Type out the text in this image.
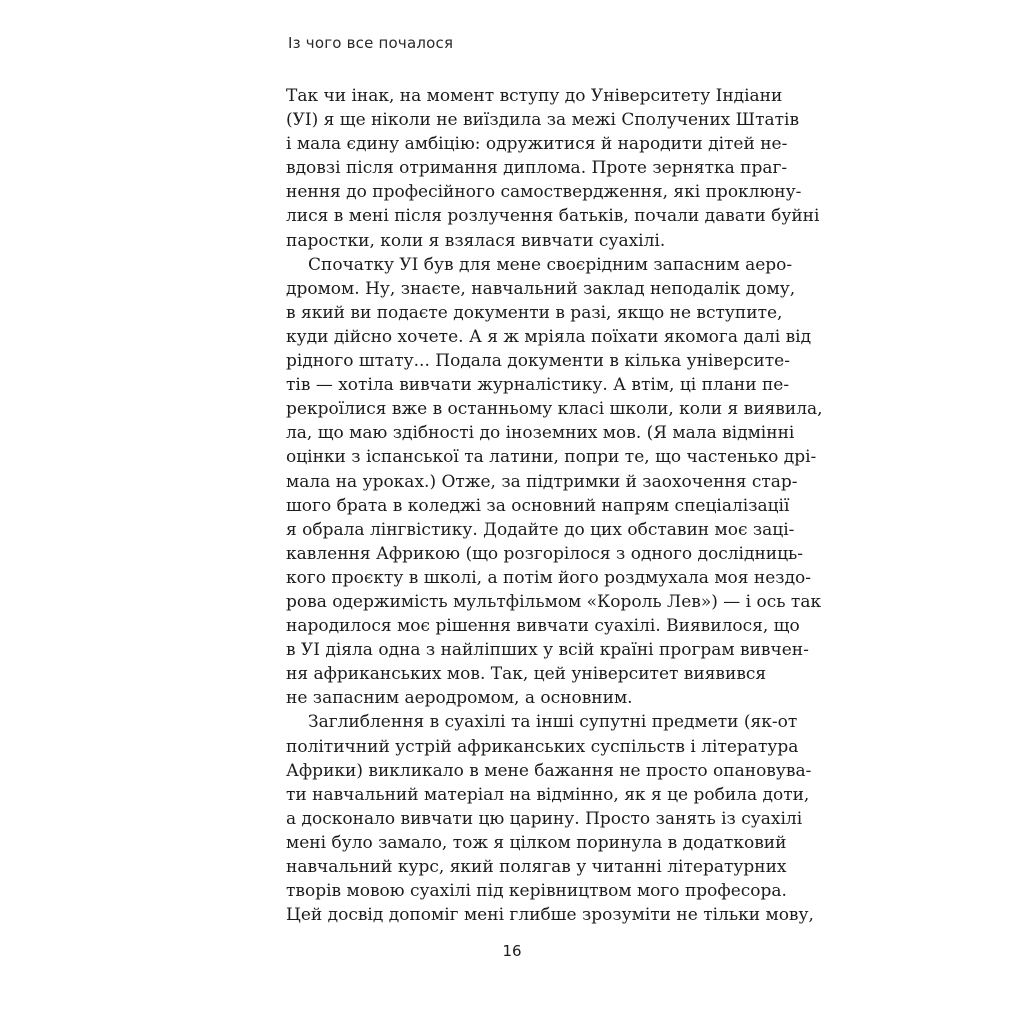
Із чого все почалося
Так чи інак, на момент вступу до Університету Індіани
(УІ) я ще ніколи не виїздила за межі Сполучених Штатів
і мала єдину амбіцію: одружитися й народити дітей не-
вдовзі після отримання диплома. Проте зернятка праг-
нення до професійного самоствердження, які проклюну-
лися в мені після розлучення батьків, почали давати буйні
паростки, коли я взялася вивчати суахілі.
Спочатку УІ був для мене своєрідним запасним аеро-
дромом. Ну, знаєте, навчальний заклад неподалік дому,
в який ви подаєте документи в разі, якщо не вступите,
куди дійсно хочете. А я ж мріяла поїхати якомога далі від
рідного штату... Подала документи в кілька університе-
тів — хотіла вивчати журналістику. А втім, ці плани пе-
рекроїлися вже в останньому класі школи, коли я виявила,
ла, що маю здібності до іноземних мов. (Я мала відмінні
оцінки з іспанської та латини, попри те, що частенько дрі-
мала на уроках.) Отже, за підтримки й заохочення стар-
шого брата в коледжі за основний напрям спеціалізації
я обрала лінгвістику. Додайте до цих обставин моє заці-
кавлення Африкою (що розгорілося з одного дослідниць-
кого проєкту в школі, а потім його роздмухала моя нездо-
рова одержимість мультфільмом «Король Лев») — і ось так
народилося моє рішення вивчати суахілі. Виявилося, що
в УІ діяла одна з найліпших у всій країні програм вивчен-
ня африканських мов. Так, цей університет виявився
не запасним аеродромом, а основним.
Заглиблення в суахілі та інші супутні предмети (як-от
політичний устрій африканських суспільств і література
Африки) викликало в мене бажання не просто опановува-
ти навчальний матеріал на відмінно, як я це робила доти,
а досконало вивчати цю царину. Просто занять із суахілі
мені було замало, тож я цілком поринула в додатковий
навчальний курс, який полягав у читанні літературних
творів мовою суахілі під керівництвом мого професора.
Цей досвід допоміг мені глибше зрозуміти не тільки мову,
16
